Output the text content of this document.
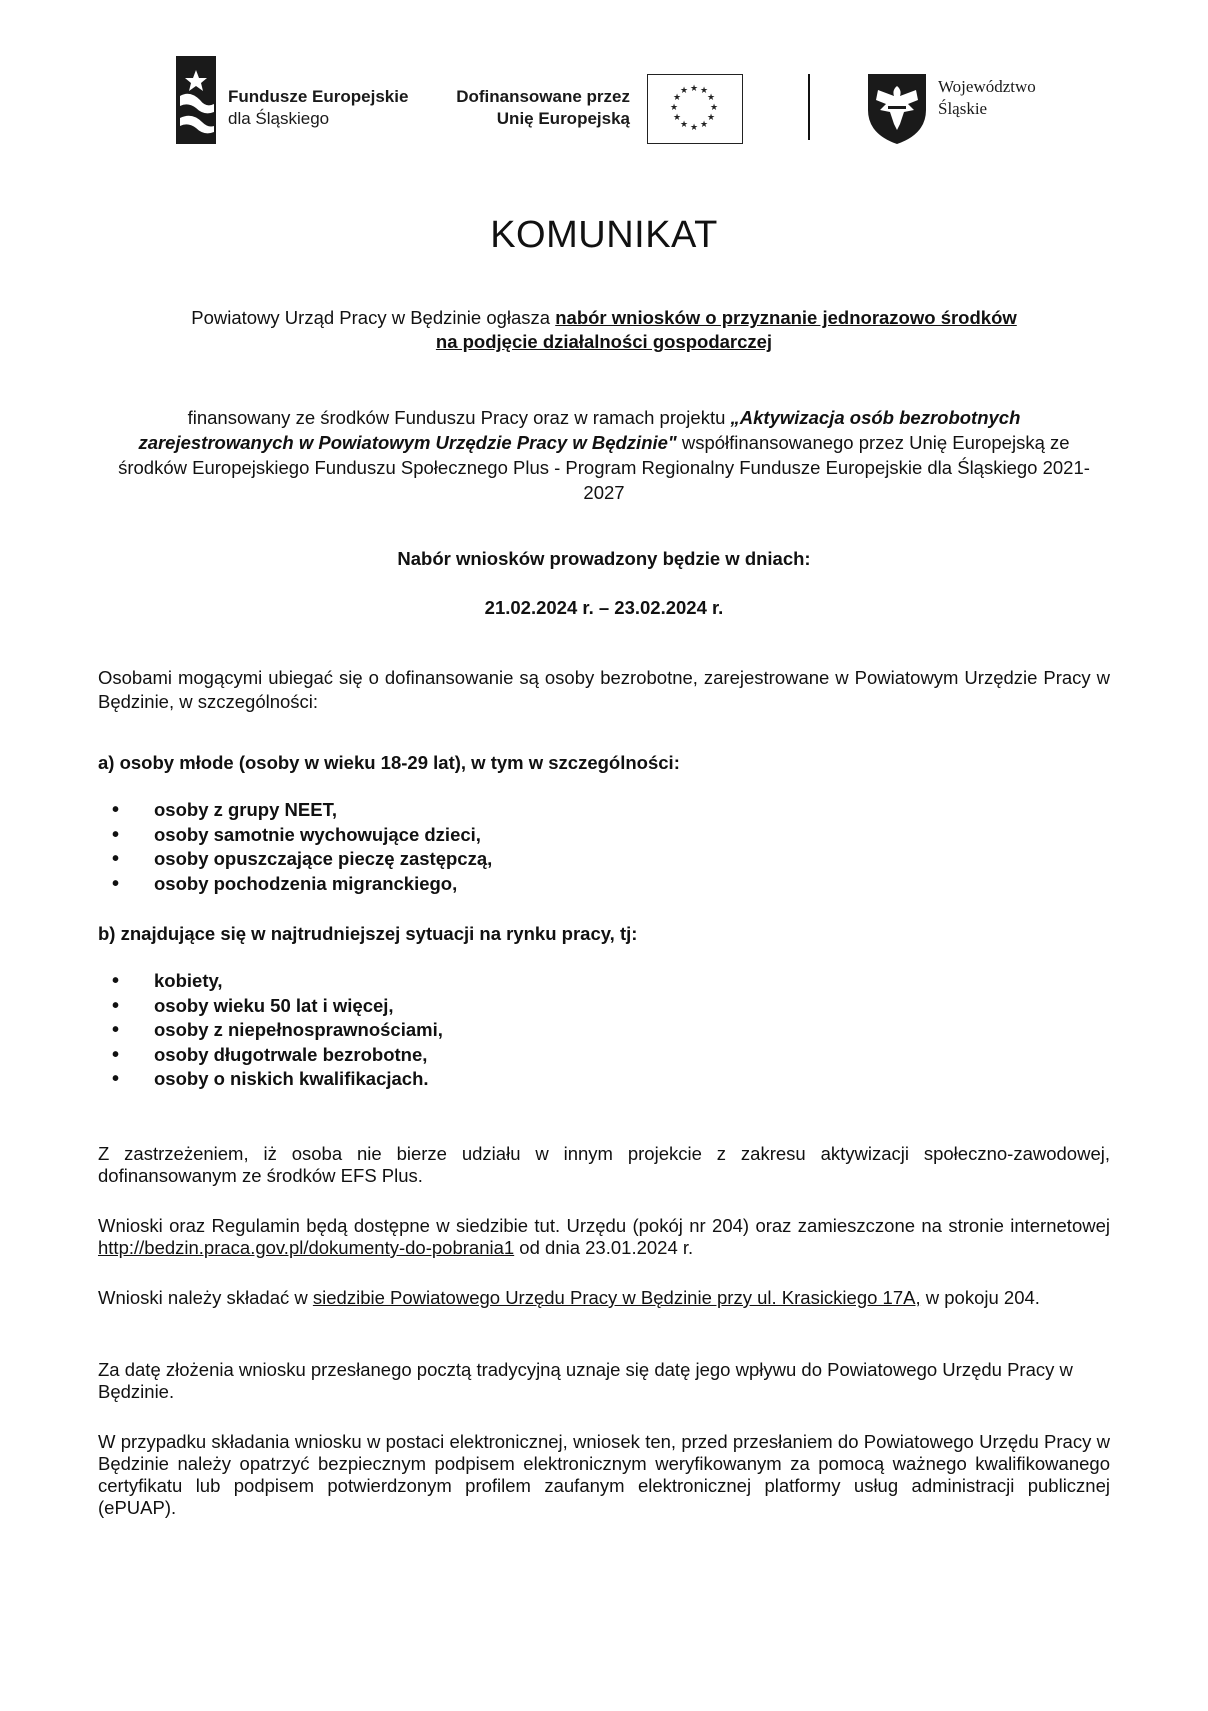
Fundusze Europejskie
dla Śląskiego
Dofinansowane przez
Unię Europejską
★ ★
★
★
★
★
★
★
★
★
★
★	Województwo
Śląskie
KOMUNIKAT
Powiatowy Urząd Pracy w Będzinie ogłasza nabór wniosków o przyznanie jednorazowo środków
na podjęcie działalności gospodarczej
finansowany ze środków Funduszu Pracy oraz w ramach projektu „Aktywizacja osób bezrobotnych zarejestrowanych w Powiatowym Urzędzie Pracy w Będzinie" współfinansowanego przez Unię Europejską ze środków Europejskiego Funduszu Społecznego Plus - Program Regionalny Fundusze Europejskie dla Śląskiego 2021-2027
Nabór wniosków prowadzony będzie w dniach:
21.02.2024 r. – 23.02.2024 r.
Osobami mogącymi ubiegać się o dofinansowanie są osoby bezrobotne, zarejestrowane w Powiatowym Urzędzie Pracy w Będzinie, w szczególności:
a) osoby młode (osoby w wieku 18-29 lat), w tym w szczególności:
• osoby z grupy NEET,
• osoby samotnie wychowujące dzieci,
• osoby opuszczające pieczę zastępczą,
• osoby pochodzenia migranckiego,
b) znajdujące się w najtrudniejszej sytuacji na rynku pracy, tj:
• kobiety,
• osoby wieku 50 lat i więcej,
• osoby z niepełnosprawnościami,
• osoby długotrwale bezrobotne,
• osoby o niskich kwalifikacjach.
Z zastrzeżeniem, iż osoba nie bierze udziału w innym projekcie z zakresu aktywizacji społeczno-zawodowej, dofinansowanym ze środków EFS Plus.
Wnioski oraz Regulamin będą dostępne w siedzibie tut. Urzędu (pokój nr 204) oraz zamieszczone na stronie internetowej http://bedzin.praca.gov.pl/dokumenty-do-pobrania1 od dnia 23.01.2024 r.
Wnioski należy składać w siedzibie Powiatowego Urzędu Pracy w Będzinie przy ul. Krasickiego 17A, w pokoju 204.
Za datę złożenia wniosku przesłanego pocztą tradycyjną uznaje się datę jego wpływu do Powiatowego Urzędu Pracy w Będzinie.
W przypadku składania wniosku w postaci elektronicznej, wniosek ten, przed przesłaniem do Powiatowego Urzędu Pracy w Będzinie należy opatrzyć bezpiecznym podpisem elektronicznym weryfikowanym za pomocą ważnego kwalifikowanego certyfikatu lub podpisem potwierdzonym profilem zaufanym elektronicznej platformy usług administracji publicznej (ePUAP).
